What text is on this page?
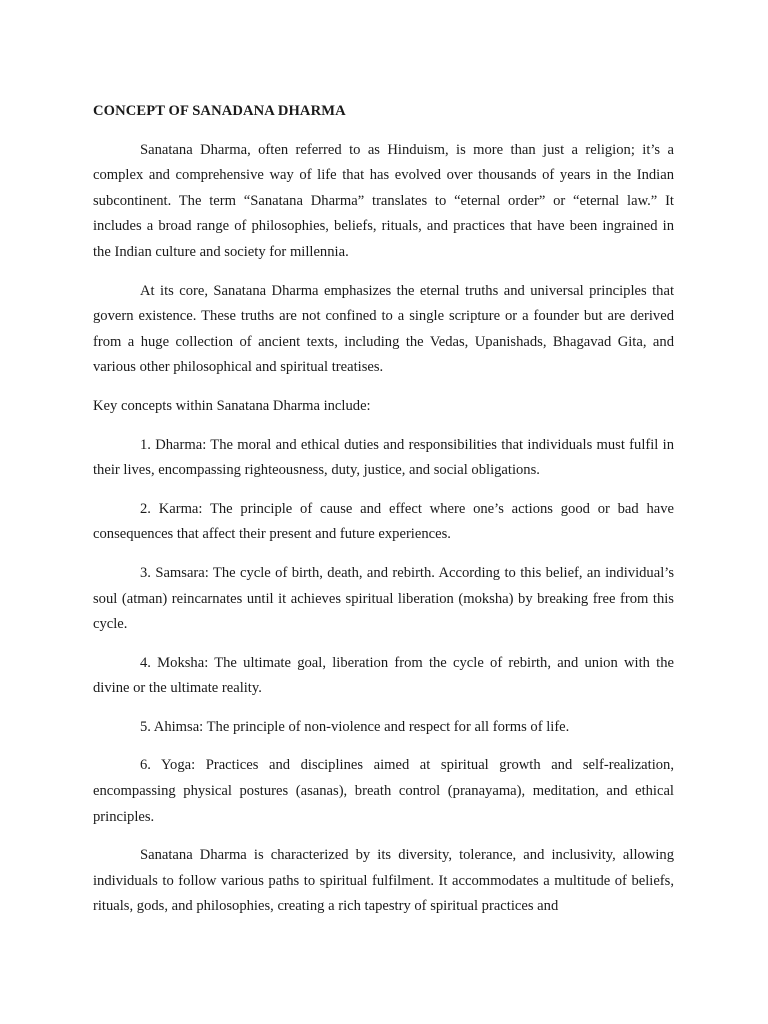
CONCEPT OF SANADANA DHARMA

Sanatana Dharma, often referred to as Hinduism, is more than just a religion; it’s a complex and comprehensive way of life that has evolved over thousands of years in the Indian subcontinent. The term “Sanatana Dharma” translates to “eternal order” or “eternal law.” It includes a broad range of philosophies, beliefs, rituals, and practices that have been ingrained in the Indian culture and society for millennia.

At its core, Sanatana Dharma emphasizes the eternal truths and universal principles that govern existence. These truths are not confined to a single scripture or a founder but are derived from a huge collection of ancient texts, including the Vedas, Upanishads, Bhagavad Gita, and various other philosophical and spiritual treatises.

Key concepts within Sanatana Dharma include:

1. Dharma: The moral and ethical duties and responsibilities that individuals must fulfil in their lives, encompassing righteousness, duty, justice, and social obligations.

2. Karma: The principle of cause and effect where one’s actions good or bad have consequences that affect their present and future experiences.

3. Samsara: The cycle of birth, death, and rebirth. According to this belief, an individual’s soul (atman) reincarnates until it achieves spiritual liberation (moksha) by breaking free from this cycle.

4. Moksha: The ultimate goal, liberation from the cycle of rebirth, and union with the divine or the ultimate reality.

5. Ahimsa: The principle of non-violence and respect for all forms of life.

6. Yoga: Practices and disciplines aimed at spiritual growth and self-realization, encompassing physical postures (asanas), breath control (pranayama), meditation, and ethical principles.

Sanatana Dharma is characterized by its diversity, tolerance, and inclusivity, allowing individuals to follow various paths to spiritual fulfilment. It accommodates a multitude of beliefs, rituals, gods, and philosophies, creating a rich tapestry of spiritual practices and
